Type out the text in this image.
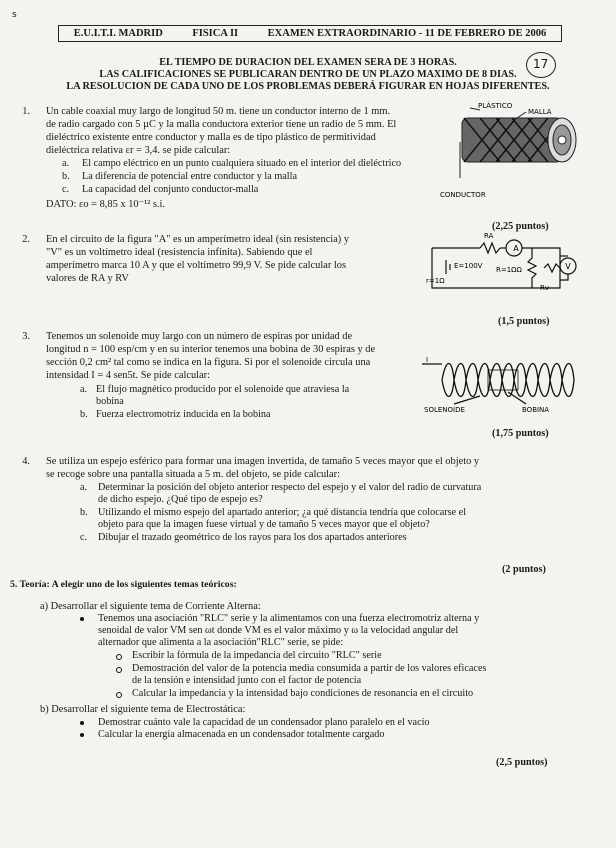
s
17
E.U.I.T.I. MADRID	FISICA II	EXAMEN EXTRAORDINARIO - 11 DE FEBRERO DE 2006
EL TIEMPO DE DURACION DEL EXAMEN SERA DE 3 HORAS.
LAS CALIFICACIONES SE PUBLICARAN DENTRO DE UN PLAZO MAXIMO DE 8 DIAS.
LA RESOLUCION DE CADA UNO DE LOS PROBLEMAS DEBERÁ FIGURAR EN HOJAS DIFERENTES.
1. Un cable coaxial muy largo de longitud 50 m. tiene un conductor interno de 1 mm.
de radio cargado con 5 µC y la malla conductora exterior tiene un radio de 5 mm. El
dieléctrico existente entre conductor y malla es de tipo plástico de permitividad
dieléctrica relativa εr = 3,4. se pide calcular:
a. El campo eléctrico en un punto cualquiera situado en el interior del dieléctrico
b. La diferencia de potencial entre conductor y la malla
c. La capacidad del conjunto conductor-malla
DATO: εo = 8,85 x 10⁻¹² s.i.
PLÁSTICO
MALLA
CONDUCTOR
2. En el circuito de la figura "A" es un amperímetro ideal (sin resistencia) y
"V" es un voltímetro ideal (resistencia infinita). Sabiendo que el
amperímetro marca 10 A y que el voltímetro 99,9 V. Se pide calcular los
valores de RA y RV
(2,25 puntos)
A
V
RA
E=100V
r=1Ω
R=1ΩΩ
Rv
(1,5 puntos)
3. Tenemos un solenoide muy largo con un número de espiras por unidad de
longitud n = 100 esp/cm y en su interior tenemos una bobina de 30 espiras y de
sección 0,2 cm² tal como se indica en la figura. Si por el solenoide circula una
intensidad I = 4 sen5t. Se pide calcular:
a. El flujo magnético producido por el solenoide que atraviesa la
bobina
b. Fuerza electromotriz inducida en la bobina
(1,75 puntos)
I
SOLENOIDE	BOBINA
4. Se utiliza un espejo esférico para formar una imagen invertida, de tamaño 5 veces mayor que el objeto y
se recoge sobre una pantalla situada a 5 m. del objeto, se pide calcular:
a. Determinar la posición del objeto anterior respecto del espejo y el valor del radio de curvatura
de dicho espejo. ¿Qué tipo de espejo es?
b. Utilizando el mismo espejo del apartado anterior; ¿a qué distancia tendría que colocarse el
objeto para que la imagen fuese virtual y de tamaño 5 veces mayor que el objeto?
c. Dibujar el trazado geométrico de los rayos para los dos apartados anteriores
(2 puntos)
5. Teoría: A elegir uno de los siguientes temas teóricos:
a) Desarrollar el siguiente tema de Corriente Alterna:
Tenemos una asociación "RLC" serie y la alimentamos con una fuerza electromotriz alterna y
senoidal de valor VM sen ωt donde VM es el valor máximo y ω la velocidad angular del
alternador que alimenta a la asociación"RLC" serie, se pide:
Escribir la fórmula de la impedancia del circuito "RLC" serie
Demostración del valor de la potencia media consumida a partir de los valores eficaces
de la tensión e intensidad junto con el factor de potencia
Calcular la impedancia y la intensidad bajo condiciones de resonancia en el circuito
b) Desarrollar el siguiente tema de Electrostática:
Demostrar cuánto vale la capacidad de un condensador plano paralelo en el vacío
Calcular la energía almacenada en un condensador totalmente cargado
(2,5 puntos)
